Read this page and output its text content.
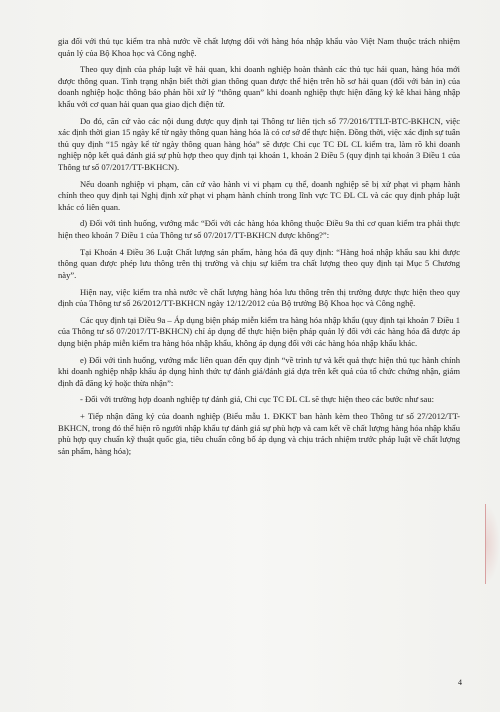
gia đối với thủ tục kiểm tra nhà nước về chất lượng đối với hàng hóa nhập khẩu vào Việt Nam thuộc trách nhiệm quản lý của Bộ Khoa học và Công nghệ.

Theo quy định của pháp luật về hải quan, khi doanh nghiệp hoàn thành các thủ tục hải quan, hàng hóa mới được thông quan. Tình trạng nhận biết thời gian thông quan được thể hiện trên hồ sơ hải quan (đối với bản in) của doanh nghiệp hoặc thông báo phản hồi xử lý “thông quan” khi doanh nghiệp thực hiện đăng ký kê khai hàng nhập khẩu với cơ quan hải quan qua giao dịch điện tử.

Do đó, căn cứ vào các nội dung được quy định tại Thông tư liên tịch số 77/2016/TTLT-BTC-BKHCN, việc xác định thời gian 15 ngày kể từ ngày thông quan hàng hóa là có cơ sở để thực hiện. Đồng thời, việc xác định sự tuân thủ quy định “15 ngày kể từ ngày thông quan hàng hóa” sẽ được Chi cục TC ĐL CL kiểm tra, làm rõ khi doanh nghiệp nộp kết quả đánh giá sự phù hợp theo quy định tại khoản 1, khoản 2 Điều 5 (quy định tại khoản 3 Điều 1 của Thông tư số 07/2017/TT-BKHCN).

Nếu doanh nghiệp vi phạm, căn cứ vào hành vi vi phạm cụ thể, doanh nghiệp sẽ bị xử phạt vi phạm hành chính theo quy định tại Nghị định xử phạt vi phạm hành chính trong lĩnh vực TC ĐL CL và các quy định pháp luật khác có liên quan.

d) Đối với tình huống, vướng mắc “Đối với các hàng hóa không thuộc Điều 9a thì cơ quan kiểm tra phải thực hiện theo khoản 7 Điều 1 của Thông tư số 07/2017/TT-BKHCN được không?”:

Tại Khoản 4 Điều 36 Luật Chất lượng sản phẩm, hàng hóa đã quy định: “Hàng hoá nhập khẩu sau khi được thông quan được phép lưu thông trên thị trường và chịu sự kiểm tra chất lượng theo quy định tại Mục 5 Chương này”.

Hiện nay, việc kiểm tra nhà nước về chất lượng hàng hóa lưu thông trên thị trường được thực hiện theo quy định của Thông tư số 26/2012/TT-BKHCN ngày 12/12/2012 của Bộ trưởng Bộ Khoa học và Công nghệ.

Các quy định tại Điều 9a – Áp dụng biện pháp miễn kiểm tra hàng hóa nhập khẩu (quy định tại khoản 7 Điều 1 của Thông tư số 07/2017/TT-BKHCN) chỉ áp dụng để thực hiện biện pháp quản lý đối với các hàng hóa đã được áp dụng biện pháp miễn kiểm tra hàng hóa nhập khẩu, không áp dụng đối với các hàng hóa nhập khẩu khác.

e) Đối với tình huống, vướng mắc liên quan đến quy định “về trình tự và kết quả thực hiện thủ tục hành chính khi doanh nghiệp nhập khẩu áp dụng hình thức tự đánh giá/đánh giá dựa trên kết quả của tổ chức chứng nhận, giám định đã đăng ký hoặc thừa nhận”:

- Đối với trường hợp doanh nghiệp tự đánh giá, Chi cục TC ĐL CL sẽ thực hiện theo các bước như sau:

+ Tiếp nhận đăng ký của doanh nghiệp (Biểu mẫu 1. ĐKKT ban hành kèm theo Thông tư số 27/2012/TT-BKHCN, trong đó thể hiện rõ người nhập khẩu tự đánh giá sự phù hợp và cam kết về chất lượng hàng hóa nhập khẩu phù hợp quy chuẩn kỹ thuật quốc gia, tiêu chuẩn công bố áp dụng và chịu trách nhiệm trước pháp luật về chất lượng sản phẩm, hàng hóa);

4
